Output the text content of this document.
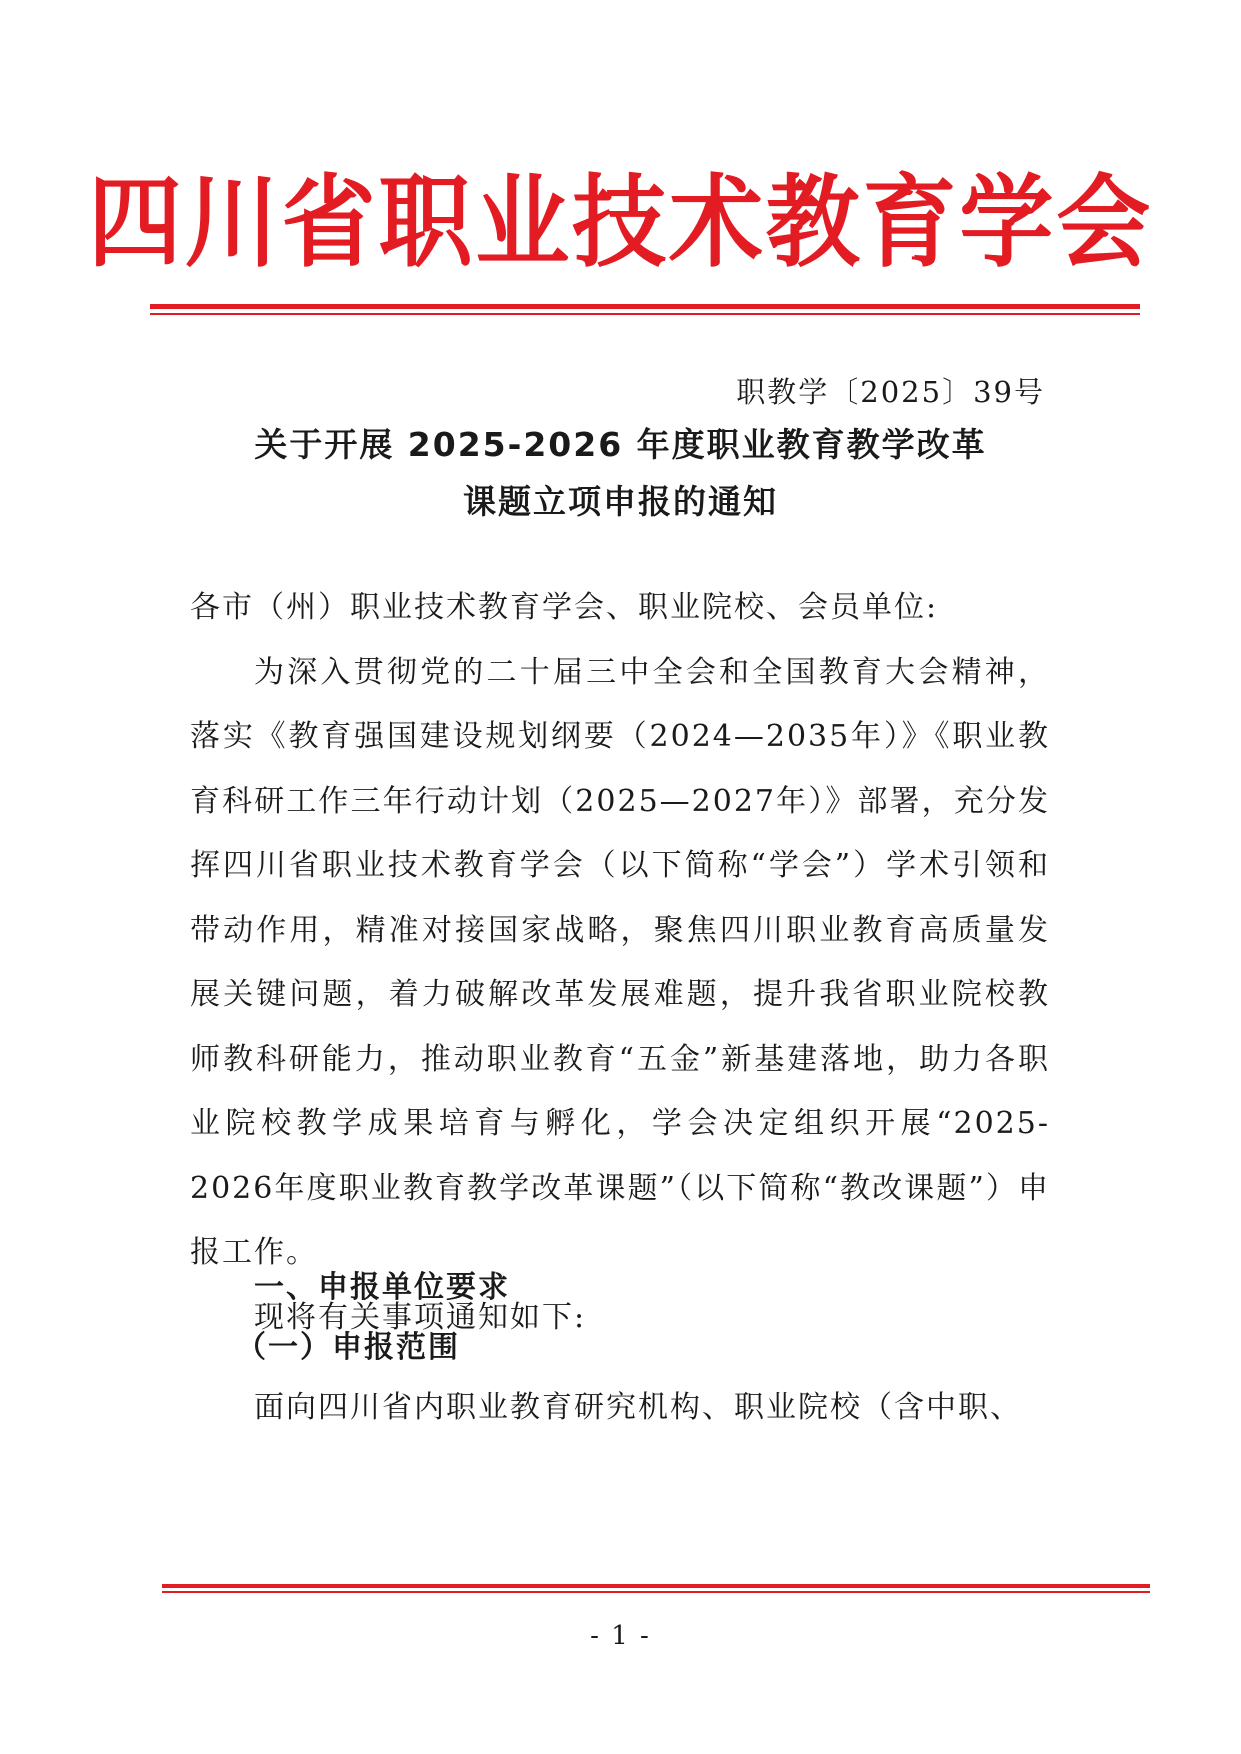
四川省职业技术教育学会
职教学〔2025〕39号
关于开展 2025-2026 年度职业教育教学改革
课题立项申报的通知

各市（州）职业技术教育学会、职业院校、会员单位:

为深入贯彻党的二十届三中全会和全国教育大会精神，落实《教育强国建设规划纲要（2024—2035年）》《职业教育科研工作三年行动计划（2025—2027年）》部署，充分发挥四川省职业技术教育学会（以下简称“学会”）学术引领和带动作用，精准对接国家战略，聚焦四川职业教育高质量发展关键问题，着力破解改革发展难题，提升我省职业院校教师教科研能力，推动职业教育“五金”新基建落地，助力各职业院校教学成果培育与孵化，学会决定组织开展“2025-2026年度职业教育教学改革课题”（以下简称“教改课题”）申报工作。

现将有关事项通知如下:

一、申报单位要求
（一）申报范围

面向四川省内职业教育研究机构、职业院校（含中职、

- 1 -
